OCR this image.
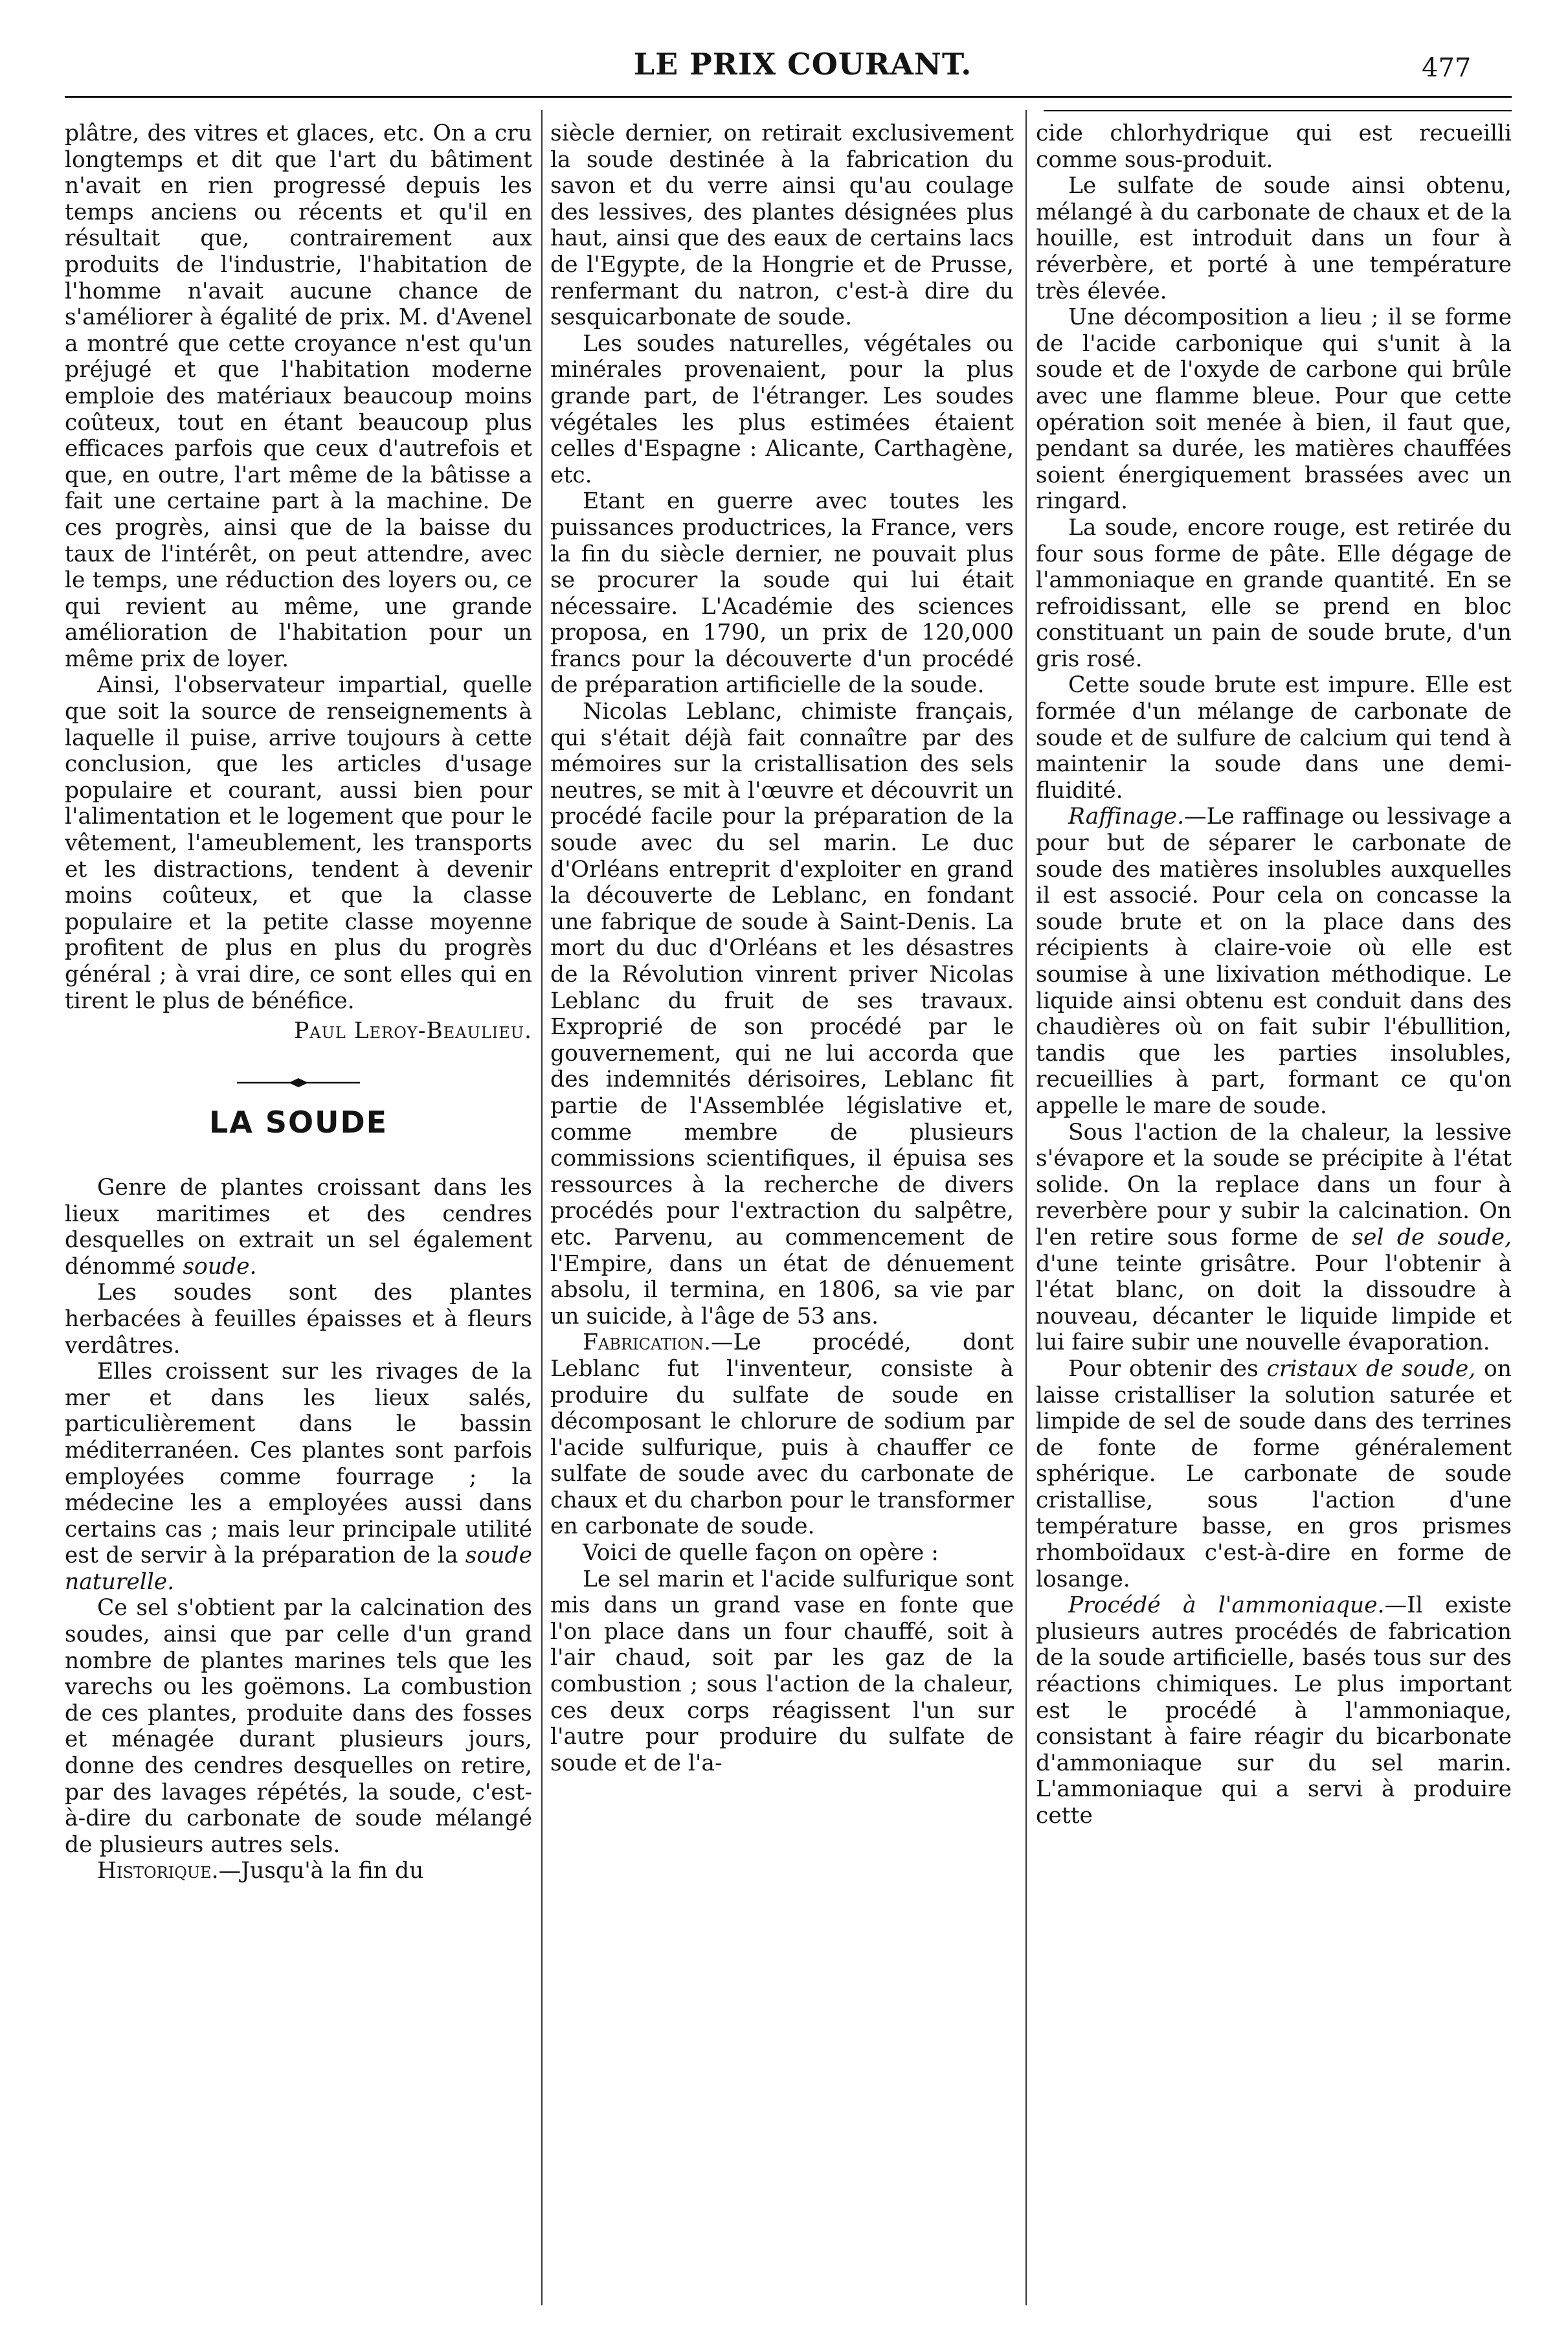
LE PRIX COURANT.	477

plâtre, des vitres et glaces, etc. On a cru longtemps et dit que l'art du bâtiment n'avait en rien progressé depuis les temps anciens ou récents et qu'il en résultait que, contrairement aux produits de l'industrie, l'habitation de l'homme n'avait aucune chance de s'améliorer à égalité de prix. M. d'Avenel a montré que cette croyance n'est qu'un préjugé et que l'habitation moderne emploie des matériaux beaucoup moins coûteux, tout en étant beaucoup plus efficaces parfois que ceux d'autrefois et que, en outre, l'art même de la bâtisse a fait une certaine part à la machine. De ces progrès, ainsi que de la baisse du taux de l'intérêt, on peut attendre, avec le temps, une réduction des loyers ou, ce qui revient au même, une grande amélioration de l'habitation pour un même prix de loyer.

Ainsi, l'observateur impartial, quelle que soit la source de renseignements à laquelle il puise, arrive toujours à cette conclusion, que les articles d'usage populaire et courant, aussi bien pour l'alimentation et le logement que pour le vêtement, l'ameublement, les transports et les distractions, tendent à devenir moins coûteux, et que la classe populaire et la petite classe moyenne profitent de plus en plus du progrès général ; à vrai dire, ce sont elles qui en tirent le plus de bénéfice.

Paul Leroy-Beaulieu.

LA SOUDE

Genre de plantes croissant dans les lieux maritimes et des cendres desquelles on extrait un sel également dénommé soude.

Les soudes sont des plantes herbacées à feuilles épaisses et à fleurs verdâtres.

Elles croissent sur les rivages de la mer et dans les lieux salés, particulièrement dans le bassin méditerranéen. Ces plantes sont parfois employées comme fourrage ; la médecine les a employées aussi dans certains cas ; mais leur principale utilité est de servir à la préparation de la soude naturelle.

Ce sel s'obtient par la calcination des soudes, ainsi que par celle d'un grand nombre de plantes marines tels que les varechs ou les goëmons. La combustion de ces plantes, produite dans des fosses et ménagée durant plusieurs jours, donne des cendres desquelles on retire, par des lavages répétés, la soude, c'est-à-dire du carbonate de soude mélangé de plusieurs autres sels.

Historique.—Jusqu'à la fin du

siècle dernier, on retirait exclusivement la soude destinée à la fabrication du savon et du verre ainsi qu'au coulage des lessives, des plantes désignées plus haut, ainsi que des eaux de certains lacs de l'Egypte, de la Hongrie et de Prusse, renfermant du natron, c'est-à dire du sesquicarbonate de soude.

Les soudes naturelles, végétales ou minérales provenaient, pour la plus grande part, de l'étranger. Les soudes végétales les plus estimées étaient celles d'Espagne : Alicante, Carthagène, etc.

Etant en guerre avec toutes les puissances productrices, la France, vers la fin du siècle dernier, ne pouvait plus se procurer la soude qui lui était nécessaire. L'Académie des sciences proposa, en 1790, un prix de 120,000 francs pour la découverte d'un procédé de préparation artificielle de la soude.

Nicolas Leblanc, chimiste français, qui s'était déjà fait connaître par des mémoires sur la cristallisation des sels neutres, se mit à l'œuvre et découvrit un procédé facile pour la préparation de la soude avec du sel marin. Le duc d'Orléans entreprit d'exploiter en grand la découverte de Leblanc, en fondant une fabrique de soude à Saint-Denis. La mort du duc d'Orléans et les désastres de la Révolution vinrent priver Nicolas Leblanc du fruit de ses travaux. Exproprié de son procédé par le gouvernement, qui ne lui accorda que des indemnités dérisoires, Leblanc fit partie de l'Assemblée législative et, comme membre de plusieurs commissions scientifiques, il épuisa ses ressources à la recherche de divers procédés pour l'extraction du salpêtre, etc. Parvenu, au commencement de l'Empire, dans un état de dénuement absolu, il termina, en 1806, sa vie par un suicide, à l'âge de 53 ans.

Fabrication.—Le procédé, dont Leblanc fut l'inventeur, consiste à produire du sulfate de soude en décomposant le chlorure de sodium par l'acide sulfurique, puis à chauffer ce sulfate de soude avec du carbonate de chaux et du charbon pour le transformer en carbonate de soude.

Voici de quelle façon on opère :

Le sel marin et l'acide sulfurique sont mis dans un grand vase en fonte que l'on place dans un four chauffé, soit à l'air chaud, soit par les gaz de la combustion ; sous l'action de la chaleur, ces deux corps réagissent l'un sur l'autre pour produire du sulfate de soude et de l'a-

cide chlorhydrique qui est recueilli comme sous-produit.

Le sulfate de soude ainsi obtenu, mélangé à du carbonate de chaux et de la houille, est introduit dans un four à réverbère, et porté à une température très élevée.

Une décomposition a lieu ; il se forme de l'acide carbonique qui s'unit à la soude et de l'oxyde de carbone qui brûle avec une flamme bleue. Pour que cette opération soit menée à bien, il faut que, pendant sa durée, les matières chauffées soient énergiquement brassées avec un ringard.

La soude, encore rouge, est retirée du four sous forme de pâte. Elle dégage de l'ammoniaque en grande quantité. En se refroidissant, elle se prend en bloc constituant un pain de soude brute, d'un gris rosé.

Cette soude brute est impure. Elle est formée d'un mélange de carbonate de soude et de sulfure de calcium qui tend à maintenir la soude dans une demi-fluidité.

Raffinage.—Le raffinage ou lessivage a pour but de séparer le carbonate de soude des matières insolubles auxquelles il est associé. Pour cela on concasse la soude brute et on la place dans des récipients à claire-voie où elle est soumise à une lixivation méthodique. Le liquide ainsi obtenu est conduit dans des chaudières où on fait subir l'ébullition, tandis que les parties insolubles, recueillies à part, formant ce qu'on appelle le mare de soude.

Sous l'action de la chaleur, la lessive s'évapore et la soude se précipite à l'état solide. On la replace dans un four à reverbère pour y subir la calcination. On l'en retire sous forme de sel de soude, d'une teinte grisâtre. Pour l'obtenir à l'état blanc, on doit la dissoudre à nouveau, décanter le liquide limpide et lui faire subir une nouvelle évaporation.

Pour obtenir des cristaux de soude, on laisse cristalliser la solution saturée et limpide de sel de soude dans des terrines de fonte de forme généralement sphérique. Le carbonate de soude cristallise, sous l'action d'une température basse, en gros prismes rhomboïdaux c'est-à-dire en forme de losange.

Procédé à l'ammoniaque.—Il existe plusieurs autres procédés de fabrication de la soude artificielle, basés tous sur des réactions chimiques. Le plus important est le procédé à l'ammoniaque, consistant à faire réagir du bicarbonate d'ammoniaque sur du sel marin. L'ammoniaque qui a servi à produire cette
